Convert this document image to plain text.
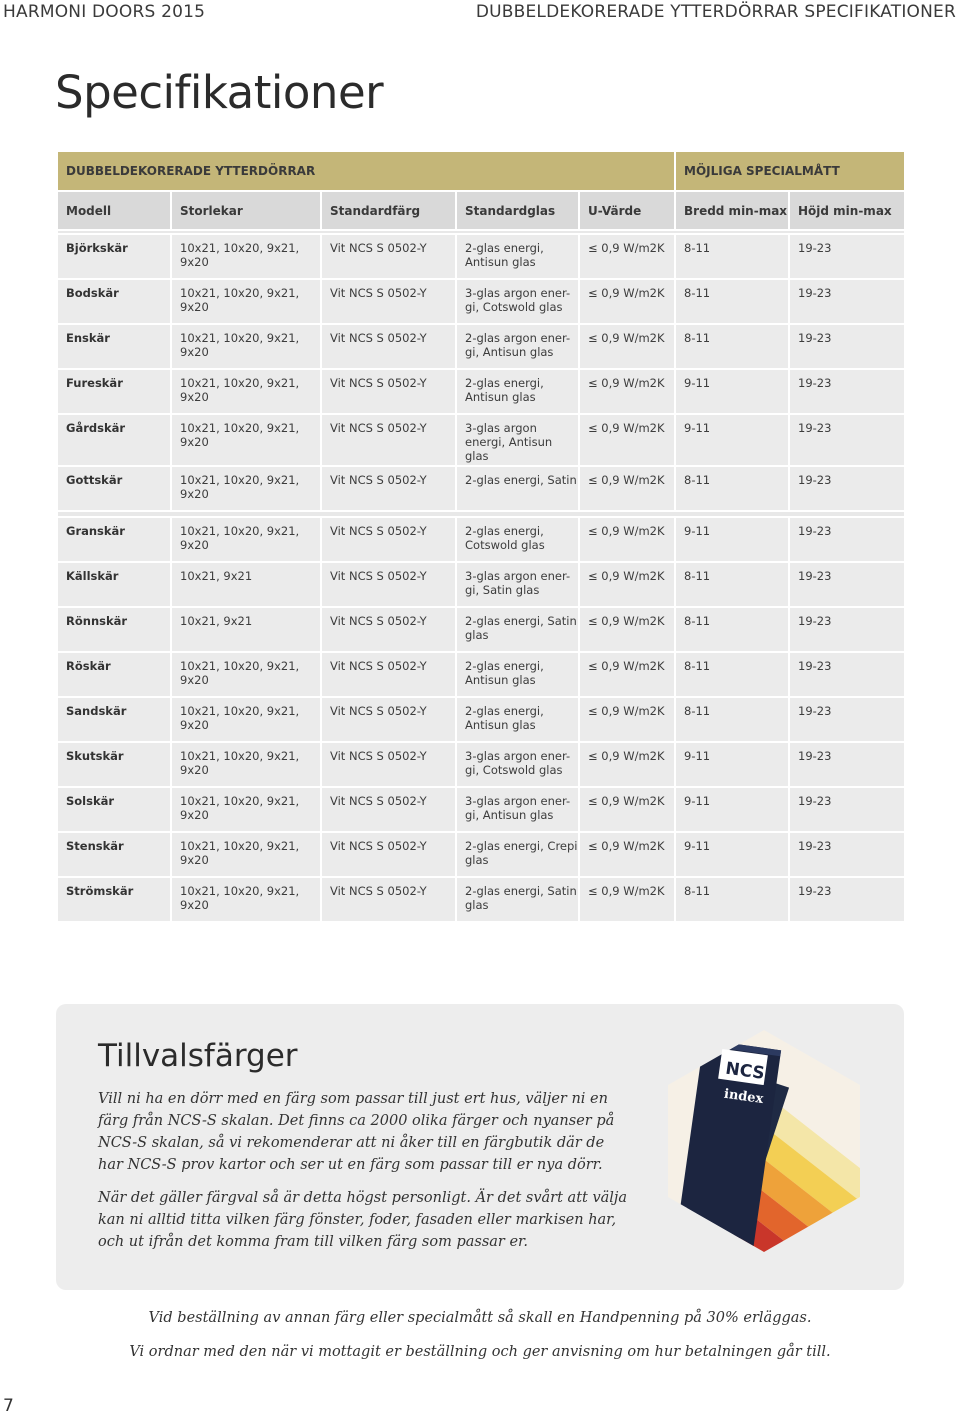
HARMONI DOORS 2015	DUBBELDEKORERADE YTTERDÖRRAR SPECIFIKATIONER
Specifikationer
DUBBELDEKORERADE YTTERDÖRRAR					MÖJLIGA SPECIALMÅTT	
Modell	Storlekar	Standardfärg	Standardglas	U-Värde	Bredd min-max	Höjd min-max

Björkskär	10x21, 10x20, 9x21, 9x20	Vit NCS S 0502-Y	2-glas energi, Antisun glas	≤ 0,9 W/m2K	8-11	19-23
Bodskär	10x21, 10x20, 9x21, 9x20	Vit NCS S 0502-Y	3-glas argon ener-gi, Cotswold glas	≤ 0,9 W/m2K	8-11	19-23
Enskär	10x21, 10x20, 9x21, 9x20	Vit NCS S 0502-Y	2-glas argon ener-gi, Antisun glas	≤ 0,9 W/m2K	8-11	19-23
Fureskär	10x21, 10x20, 9x21, 9x20	Vit NCS S 0502-Y	2-glas energi, Antisun glas	≤ 0,9 W/m2K	9-11	19-23
Gårdskär	10x21, 10x20, 9x21, 9x20	Vit NCS S 0502-Y	3-glas argon energi, Antisun glas	≤ 0,9 W/m2K	9-11	19-23
Gottskär	10x21, 10x20, 9x21, 9x20	Vit NCS S 0502-Y	2-glas energi, Satin	≤ 0,9 W/m2K	8-11	19-23

Granskär	10x21, 10x20, 9x21, 9x20	Vit NCS S 0502-Y	2-glas energi, Cotswold glas	≤ 0,9 W/m2K	9-11	19-23
Källskär	10x21, 9x21	Vit NCS S 0502-Y	3-glas argon ener-gi, Satin glas	≤ 0,9 W/m2K	8-11	19-23
Rönnskär	10x21, 9x21	Vit NCS S 0502-Y	2-glas energi, Satin glas	≤ 0,9 W/m2K	8-11	19-23
Röskär	10x21, 10x20, 9x21, 9x20	Vit NCS S 0502-Y	2-glas energi, Antisun glas	≤ 0,9 W/m2K	8-11	19-23
Sandskär	10x21, 10x20, 9x21, 9x20	Vit NCS S 0502-Y	2-glas energi, Antisun glas	≤ 0,9 W/m2K	8-11	19-23
Skutskär	10x21, 10x20, 9x21, 9x20	Vit NCS S 0502-Y	3-glas argon ener-gi, Cotswold glas	≤ 0,9 W/m2K	9-11	19-23
Solskär	10x21, 10x20, 9x21, 9x20	Vit NCS S 0502-Y	3-glas argon ener-gi, Antisun glas	≤ 0,9 W/m2K	9-11	19-23
Stenskär	10x21, 10x20, 9x21, 9x20	Vit NCS S 0502-Y	2-glas energi, Crepi glas	≤ 0,9 W/m2K	9-11	19-23
Strömskär	10x21, 10x20, 9x21, 9x20	Vit NCS S 0502-Y	2-glas energi, Satin glas	≤ 0,9 W/m2K	8-11	19-23
Tillvalsfärger

Vill ni ha en dörr med en färg som passar till just ert hus, väljer ni en färg från NCS-S skalan. Det finns ca 2000 olika färger och nyanser på NCS-S skalan, så vi rekomenderar att ni åker till en färgbutik där de har NCS-S prov kartor och ser ut en färg som passar till er nya dörr.

När det gäller färgval så är detta högst personligt. Är det svårt att välja kan ni alltid titta vilken färg fönster, foder, fasaden eller markisen har, och ut ifrån det komma fram till vilken färg som passar er.

NCS
index
Vid beställning av annan färg eller specialmått så skall en Handpenning på 30% erläggas.
Vi ordnar med den när vi mottagit er beställning och ger anvisning om hur betalningen går till.
7
